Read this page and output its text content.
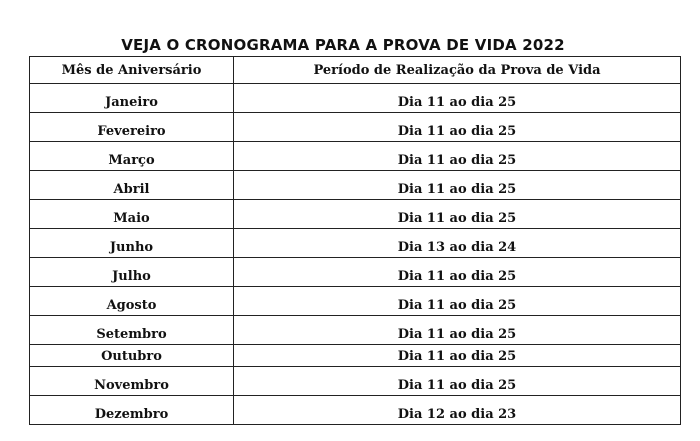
VEJA O CRONOGRAMA PARA A PROVA DE VIDA 2022
Mês de Aniversário	Período de Realização da Prova de Vida
Janeiro	Dia 11 ao dia 25
Fevereiro	Dia 11 ao dia 25
Março	Dia 11 ao dia 25
Abril	Dia 11 ao dia 25
Maio	Dia 11 ao dia 25
Junho	Dia 13 ao dia 24
Julho	Dia 11 ao dia 25
Agosto	Dia 11 ao dia 25
Setembro	Dia 11 ao dia 25
Outubro	Dia 11 ao dia 25
Novembro	Dia 11 ao dia 25
Dezembro	Dia 12 ao dia 23
